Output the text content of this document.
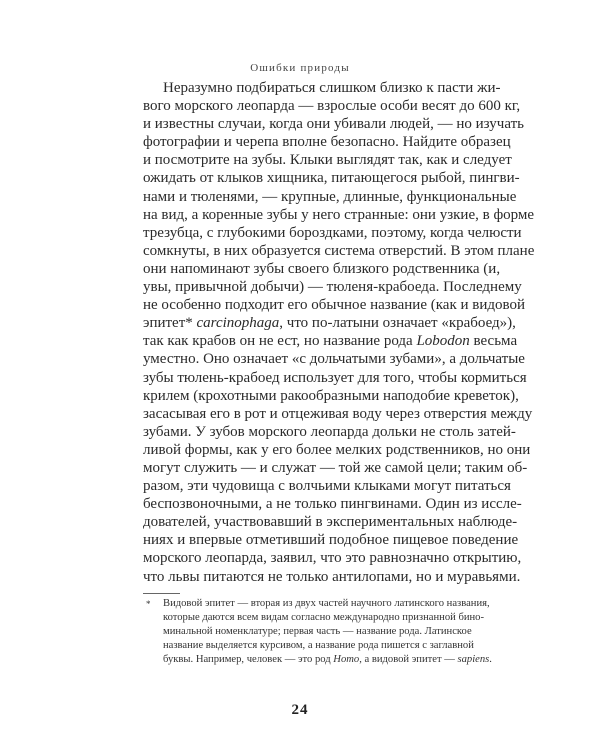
Ошибки природы
Неразумно подбираться слишком близко к пасти жи-
вого морского леопарда — взрослые особи весят до 600 кг,
и известны случаи, когда они убивали людей, — но изучать
фотографии и черепа вполне безопасно. Найдите образец
и посмотрите на зубы. Клыки выглядят так, как и следует
ожидать от клыков хищника, питающегося рыбой, пингви-
нами и тюленями, — крупные, длинные, функциональные
на вид, а коренные зубы у него странные: они узкие, в форме
трезубца, с глубокими бороздками, поэтому, когда челюсти
сомкнуты, в них образуется система отверстий. В этом плане
они напоминают зубы своего близкого родственника (и,
увы, привычной добычи) — тюленя-крабоеда. Последнему
не особенно подходит его обычное название (как и видовой
эпитет* carcinophaga, что по-латыни означает «крабоед»),
так как крабов он не ест, но название рода Lobodon весьма
уместно. Оно означает «с дольчатыми зубами», а дольчатые
зубы тюлень-крабоед использует для того, чтобы кормиться
крилем (крохотными ракообразными наподобие креветок),
засасывая его в рот и отцеживая воду через отверстия между
зубами. У зубов морского леопарда дольки не столь затей-
ливой формы, как у его более мелких родственников, но они
могут служить — и служат — той же самой цели; таким об-
разом, эти чудовища с волчьими клыками могут питаться
беспозвоночными, а не только пингвинами. Один из иссле-
дователей, участвовавший в экспериментальных наблюде-
ниях и впервые отметивший подобное пищевое поведение
морского леопарда, заявил, что это равнозначно открытию,
что львы питаются не только антилопами, но и муравьями.
* Видовой эпитет — вторая из двух частей научного латинского названия,
которые даются всем видам согласно международно признанной бино-
минальной номенклатуре; первая часть — название рода. Латинское
название выделяется курсивом, а название рода пишется с заглавной
буквы. Например, человек — это род Homo, а видовой эпитет — sapiens.
24
